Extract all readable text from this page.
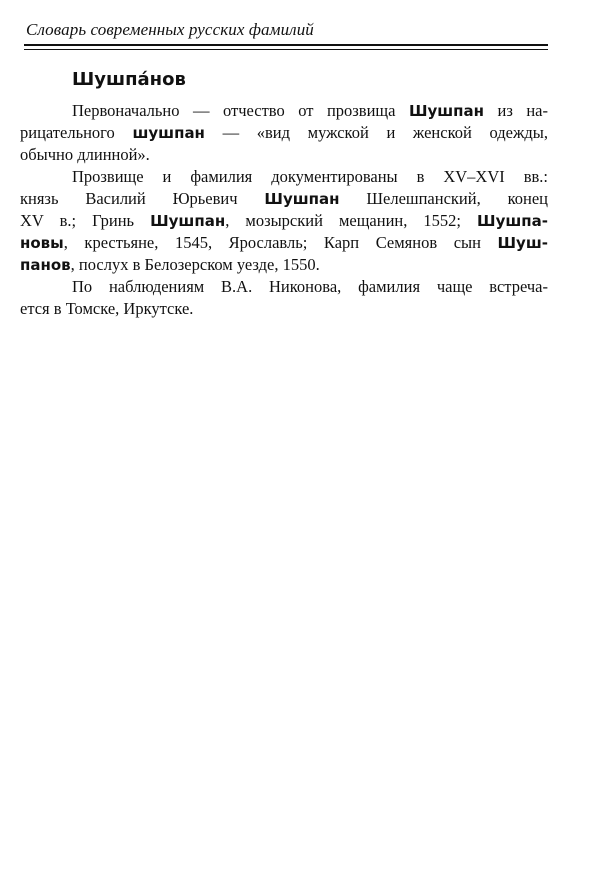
Словарь современных русских фамилий
Шушпа́нов

Первоначально — отчество от прозвища Шушпан из на-
рицательного шушпан — «вид мужской и женской одежды,
обычно длинной».

Прозвище и фамилия документированы в XV–XVI вв.:
князь Василий Юрьевич Шушпан Шелешпанский, конец
XV в.; Гринь Шушпан, мозырский мещанин, 1552; Шушпа-
новы, крестьяне, 1545, Ярославль; Карп Семянов сын Шуш-
панов, послух в Белозерском уезде, 1550.

По наблюдениям В.А. Никонова, фамилия чаще встреча-
ется в Томске, Иркутске.
